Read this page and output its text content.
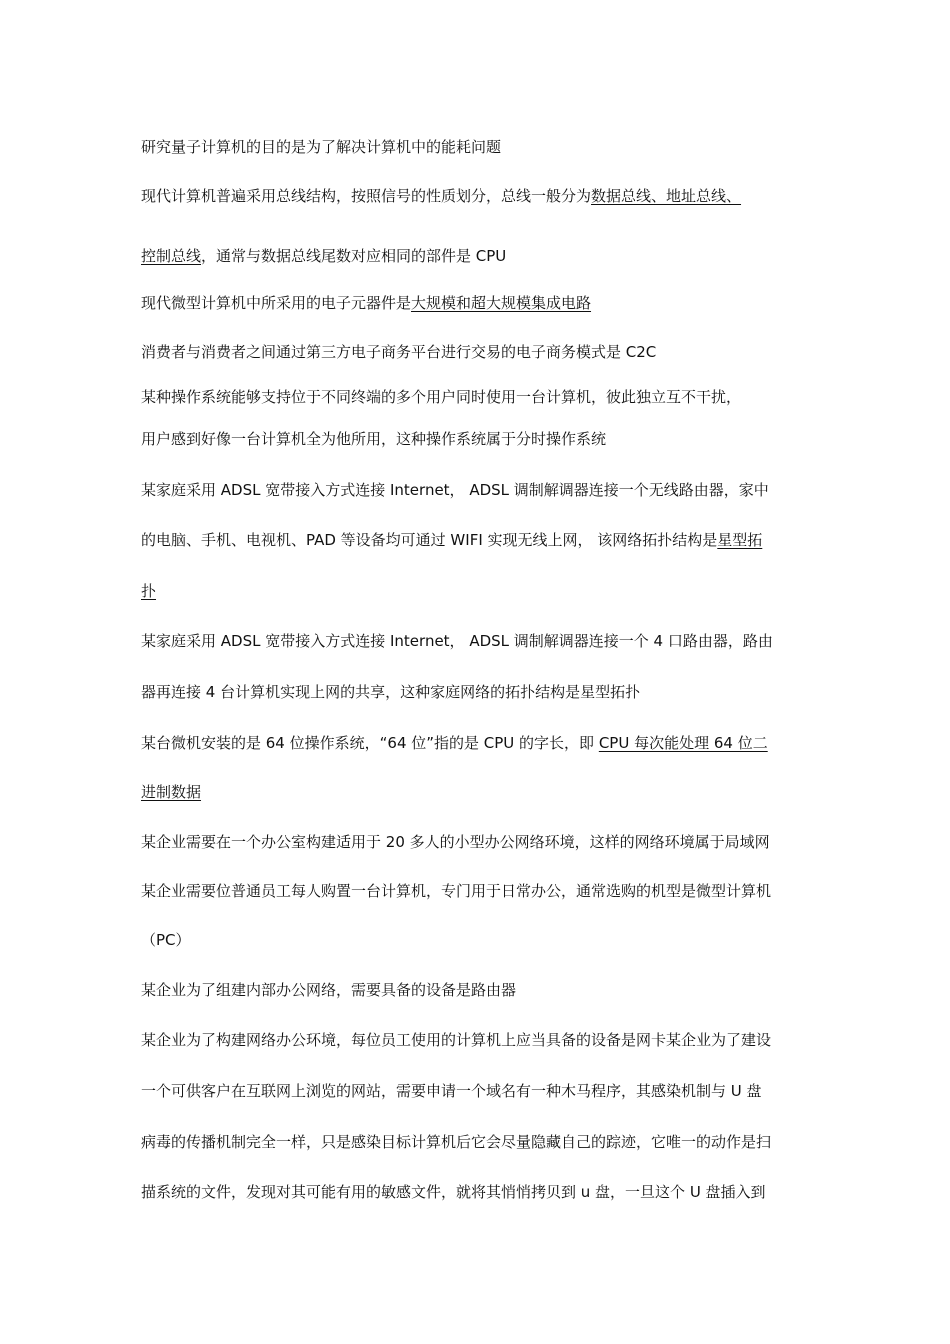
研究量子计算机的目的是为了解决计算机中的能耗问题
现代计算机普遍采用总线结构，按照信号的性质划分，总线一般分为数据总线、地址总线、
控制总线，通常与数据总线尾数对应相同的部件是 CPU
现代微型计算机中所采用的电子元器件是大规模和超大规模集成电路
消费者与消费者之间通过第三方电子商务平台进行交易的电子商务模式是 C2C
某种操作系统能够支持位于不同终端的多个用户同时使用一台计算机，彼此独立互不干扰，
用户感到好像一台计算机全为他所用，这种操作系统属于分时操作系统
某家庭采用 ADSL 宽带接入方式连接 Internet， ADSL 调制解调器连接一个无线路由器，家中
的电脑、手机、电视机、PAD 等设备均可通过 WIFI 实现无线上网， 该网络拓扑结构是星型拓
扑
某家庭采用 ADSL 宽带接入方式连接 Internet， ADSL 调制解调器连接一个 4 口路由器，路由
器再连接 4 台计算机实现上网的共享，这种家庭网络的拓扑结构是星型拓扑
某台微机安装的是 64 位操作系统，“64 位”指的是 CPU 的字长，即 CPU 每次能处理 64 位二
进制数据
某企业需要在一个办公室构建适用于 20 多人的小型办公网络环境，这样的网络环境属于局域网
某企业需要位普通员工每人购置一台计算机，专门用于日常办公，通常选购的机型是微型计算机
（PC）
某企业为了组建内部办公网络，需要具备的设备是路由器
某企业为了构建网络办公环境，每位员工使用的计算机上应当具备的设备是网卡某企业为了建设
一个可供客户在互联网上浏览的网站，需要申请一个域名有一种木马程序，其感染机制与 U 盘
病毒的传播机制完全一样，只是感染目标计算机后它会尽量隐藏自己的踪迹，它唯一的动作是扫
描系统的文件，发现对其可能有用的敏感文件，就将其悄悄拷贝到 u 盘，一旦这个 U 盘插入到
